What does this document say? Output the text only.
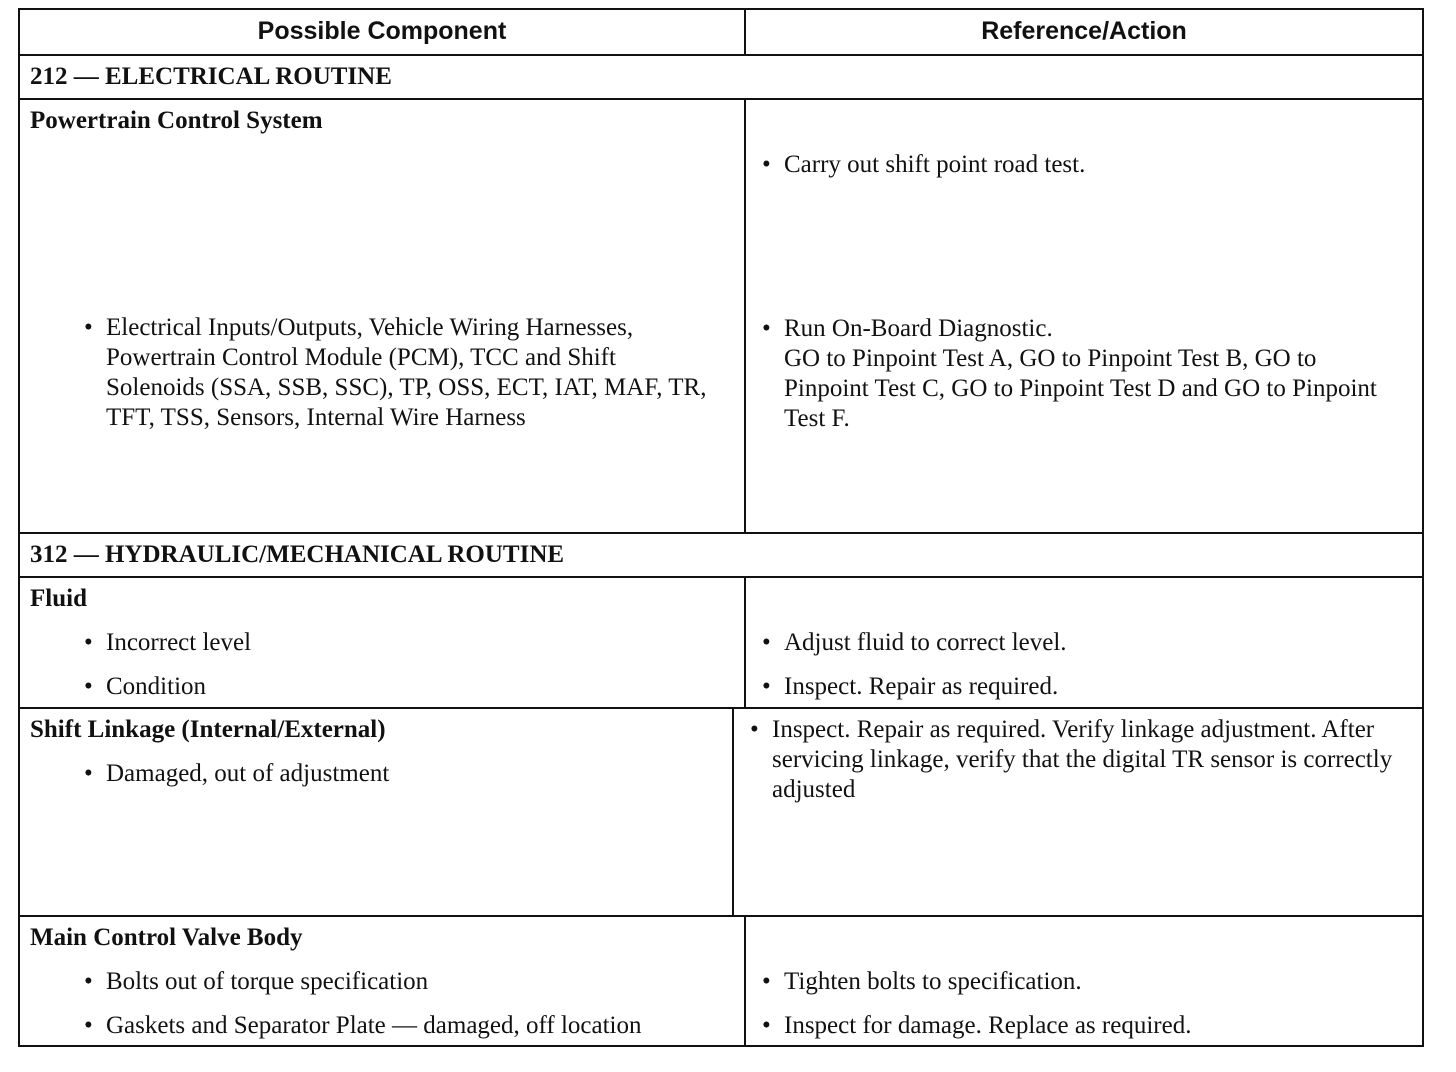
Possible Component	Reference/Action
212 — ELECTRICAL ROUTINE
Powertrain Control System
• Electrical Inputs/Outputs, Vehicle Wiring Harnesses, Powertrain Control Module (PCM), TCC and Shift Solenoids (SSA, SSB, SSC), TP, OSS, ECT, IAT, MAF, TR, TFT, TSS, Sensors, Internal Wire Harness
• Carry out shift point road test.
• Run On-Board Diagnostic.
GO to Pinpoint Test A, GO to Pinpoint Test B, GO to Pinpoint Test C, GO to Pinpoint Test D and GO to Pinpoint Test F.
312 — HYDRAULIC/MECHANICAL ROUTINE
Fluid
• Incorrect level
• Condition
• Adjust fluid to correct level.
• Inspect. Repair as required.
Shift Linkage (Internal/External)
• Damaged, out of adjustment
• Inspect. Repair as required. Verify linkage adjustment. After servicing linkage, verify that the digital TR sensor is correctly adjusted
Main Control Valve Body
• Bolts out of torque specification
• Gaskets and Separator Plate — damaged, off location
• Tighten bolts to specification.
• Inspect for damage. Replace as required.
